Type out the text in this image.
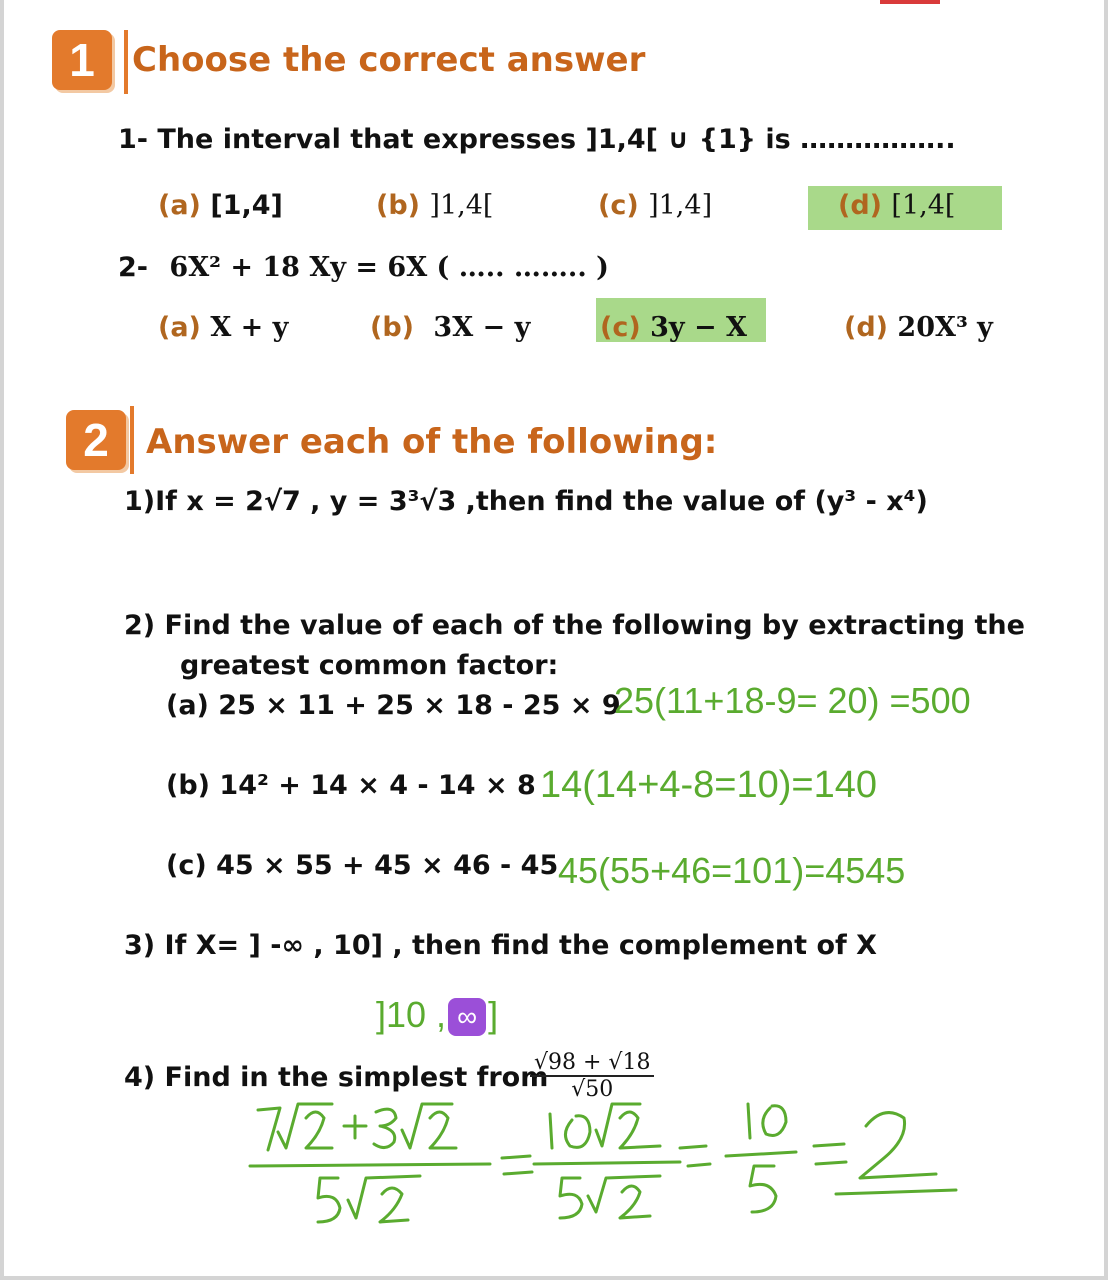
1	Choose the correct answer
1- The interval that expresses ]1,4[ ∪ {1} is ……………..
(a) [1,4]	(b) ]1,4[	(c) ]1,4]	(d) [1,4[
2- 6X² + 18 Xy = 6X ( ….. …….. )
(a) X + y	(b) 3X − y	(c) 3y − X	(d) 20X³ y
2	Answer each of the following:
1)If x = 2√7 , y = 3³√3 ,then find the value of (y³ - x⁴)
2) Find the value of each of the following by extracting the
greatest common factor:
(a) 25 × 11 + 25 × 18 - 25 × 9
25(11+18-9= 20) =500
(b) 14² + 14 × 4 - 14 × 8 14(14+4-8=10)=140
(c) 45 × 55 + 45 × 46 - 45 45(55+46=101)=4545
3) If X= ] -∞ , 10] , then find the complement of X
]10 , ∞ ]
4) Find in the simplest from
$\frac{√98 + √18}{√50}$
